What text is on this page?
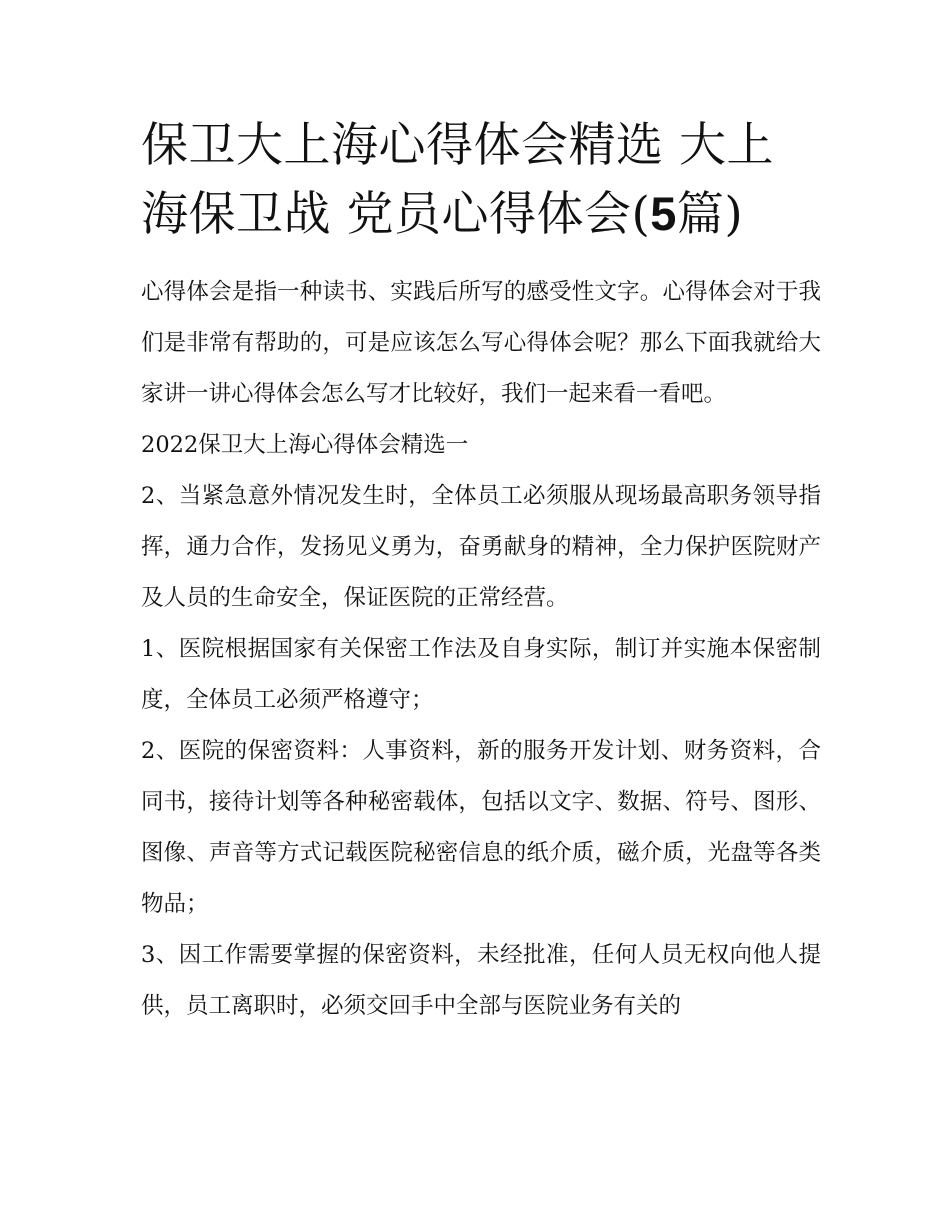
保卫大上海心得体会精选 大上
海保卫战 党员心得体会(5篇)

心得体会是指一种读书、实践后所写的感受性文字。心得体会对于我们是非常有帮助的，可是应该怎么写心得体会呢？那么下面我就给大家讲一讲心得体会怎么写才比较好，我们一起来看一看吧。

2022保卫大上海心得体会精选一

2、当紧急意外情况发生时，全体员工必须服从现场最高职务领导指挥，通力合作，发扬见义勇为，奋勇献身的精神，全力保护医院财产及人员的生命安全，保证医院的正常经营。

1、医院根据国家有关保密工作法及自身实际，制订并实施本保密制度，全体员工必须严格遵守；

2、医院的保密资料：人事资料，新的服务开发计划、财务资料，合同书，接待计划等各种秘密载体，包括以文字、数据、符号、图形、图像、声音等方式记载医院秘密信息的纸介质，磁介质，光盘等各类物品；

3、因工作需要掌握的保密资料，未经批准，任何人员无权向他人提供，员工离职时，必须交回手中全部与医院业务有关的
